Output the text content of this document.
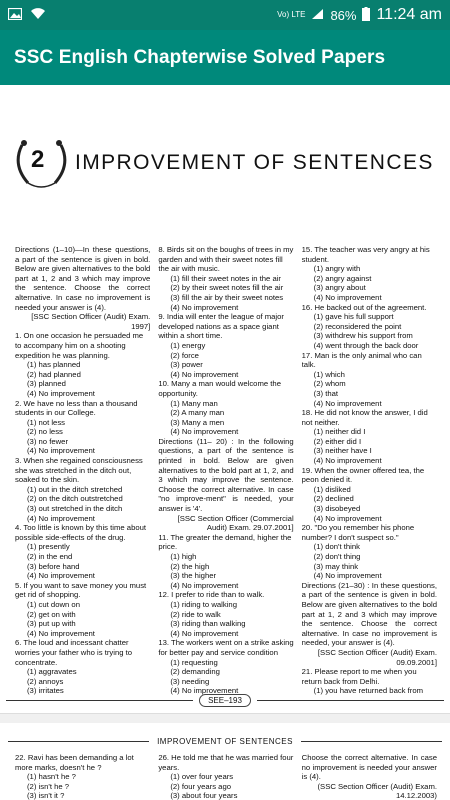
Vo) LTE 86% 11:24 am
SSC English Chapterwise Solved Papers
2 IMPROVEMENT OF SENTENCES

Directions (1–10)—In these questions, a part of the sentence is given in bold. Below are given alternatives to the bold part at 1, 2 and 3 which may improve the sentence. Choose the correct alternative. In case no improvement is needed your answer is (4).

[SSC Section Officer (Audit) Exam. 1997]

1. On one occasion he persuaded me to accompany him on a shooting expedition he was planning.

(1) has planned

(2) had planned

(3) planned

(4) No improvement

2. We have no less than a thousand students in our College.

(1) not less

(2) no less

(3) no fewer

(4) No improvement

3. When she regained consciousness she was stretched in the ditch out, soaked to the skin.

(1) out in the ditch stretched

(2) on the ditch outstretched

(3) out stretched in the ditch

(4) No improvement

4. Too little is known by this time about possible side-effects of the drug.

(1) presently

(2) in the end

(3) before hand

(4) No improvement

5. If you want to save money you must get rid of shopping.

(1) cut down on

(2) get on with

(3) put up with

(4) No improvement

6. The loud and incessant chatter worries your father who is trying to concentrate.

(1) aggravates

(2) annoys

(3) irritates

8. Birds sit on the boughs of trees in my garden and with their sweet notes fill the air with music.

(1) fill their sweet notes in the air

(2) by their sweet notes fill the air

(3) fill the air by their sweet notes

(4) No improvement

9. India will enter the league of major developed nations as a space giant within a short time.

(1) energy

(2) force

(3) power

(4) No improvement

10. Many a man would welcome the opportunity.

(1) Many man

(2) A many man

(3) Many a men

(4) No improvement

Directions (11– 20) : In the following questions, a part of the sentence is printed in bold. Below are given alternatives to the bold part at 1, 2, and 3 which may improve the sentence. Choose the correct alternative. In case "no improve-ment" is needed, your answer is '4'.

[SSC Section Officer (Commercial Audit) Exam. 29.07.2001]

11. The greater the demand, higher the price.

(1) high

(2) the high

(3) the higher

(4) No improvement

12. I prefer to ride than to walk.

(1) riding to walking

(2) ride to walk

(3) riding than walking

(4) No improvement

13. The workers went on a strike asking for better pay and service condition

(1) requesting

(2) demanding

(3) needing

(4) No improvement

15. The teacher was very angry at his student.

(1) angry with

(2) angry against

(3) angry about

(4) No improvement

16. He backed out of the agreement.

(1) gave his full support

(2) reconsidered the point

(3) withdrew his support from

(4) went through the back door

17. Man is the only animal who can talk.

(1) which

(2) whom

(3) that

(4) No improvement

18. He did not know the answer, I did not neither.

(1) neither did I

(2) either did I

(3) neither have I

(4) No improvement

19. When the owner offered tea, the peon denied it.

(1) disliked

(2) declined

(3) disobeyed

(4) No improvement

20. "Do you remember his phone number? I don't suspect so."

(1) don't think

(2) don't thing

(3) may think

(4) No improvement

Directions (21–30) : In these questions, a part of the sentence is given in bold. Below are given alternatives to the bold part at 1, 2 and 3 which may improve the sentence. Choose the correct alternative. In case no improvement is needed, your answer is (4).

[SSC Section Officer (Audit) Exam. 09.09.2001]

21. Please report to me when you return back from Delhi.

(1) you have returned back from

SEE–193
IMPROVEMENT OF SENTENCES

22. Ravi has been demanding a lot more marks, doesn't he ?

(1) hasn't he ?

(2) isn't he ?

(3) isn't it ?

26. He told me that he was married four years.

(1) over four years

(2) four years ago

(3) about four years

Choose the correct alternative. In case no improvement is needed your answer is (4).

(SSC Section Officer (Audit) Exam. 14.12.2003)
